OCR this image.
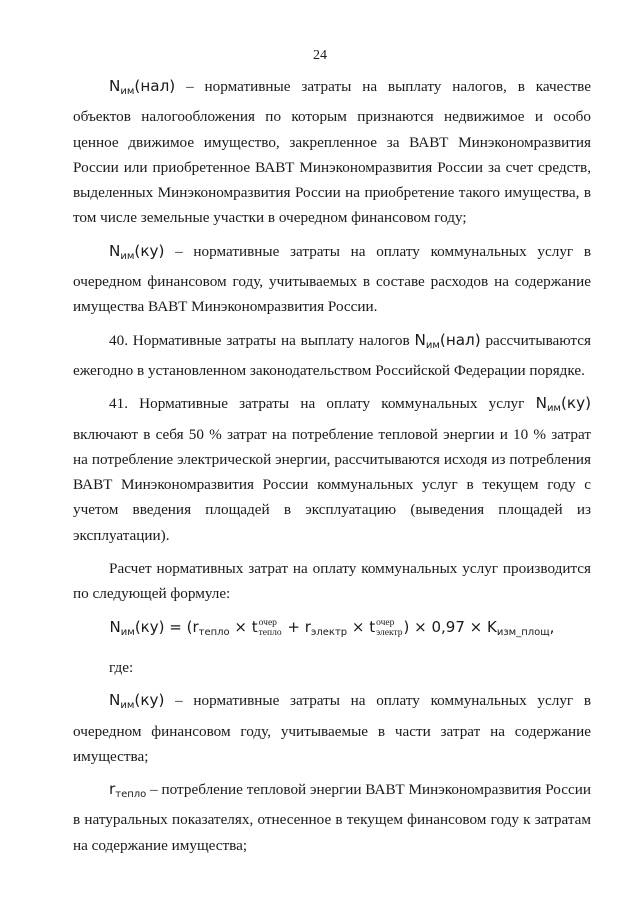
24

$N_{им}(нал)$ – нормативные затраты на выплату налогов, в качестве объектов налогообложения по которым признаются недвижимое и особо ценное движимое имущество, закрепленное за ВАВТ Минэкономразвития России или приобретенное ВАВТ Минэкономразвития России за счет средств, выделенных Минэкономразвития России на приобретение такого имущества, в том числе земельные участки в очередном финансовом году;

$N_{им}(ку)$ – нормативные затраты на оплату коммунальных услуг в очередном финансовом году, учитываемых в составе расходов на содержание имущества ВАВТ Минэкономразвития России.

40. Нормативные затраты на выплату налогов $N_{им}(нал)$ рассчитываются ежегодно в установленном законодательством Российской Федерации порядке.

41. Нормативные затраты на оплату коммунальных услуг $N_{им}(ку)$ включают в себя 50 % затрат на потребление тепловой энергии и 10 % затрат на потребление электрической энергии, рассчитываются исходя из потребления ВАВТ Минэкономразвития России коммунальных услуг в текущем году с учетом введения площадей в эксплуатацию (выведения площадей из эксплуатации).

Расчет нормативных затрат на оплату коммунальных услуг производится по следующей формуле:

$N_{им}(ку) = (r_{тепло} \times t$ очер
тепло + $r_{электр} \times t$ очер
электр ) × $0,97 \times K_{изм\_площ}$,

где:

$N_{им}(ку)$ – нормативные затраты на оплату коммунальных услуг в очередном финансовом году, учитываемые в части затрат на содержание имущества;

$r_{тепло}$ – потребление тепловой энергии ВАВТ Минэкономразвития России в натуральных показателях, отнесенное в текущем финансовом году к затратам на содержание имущества;
